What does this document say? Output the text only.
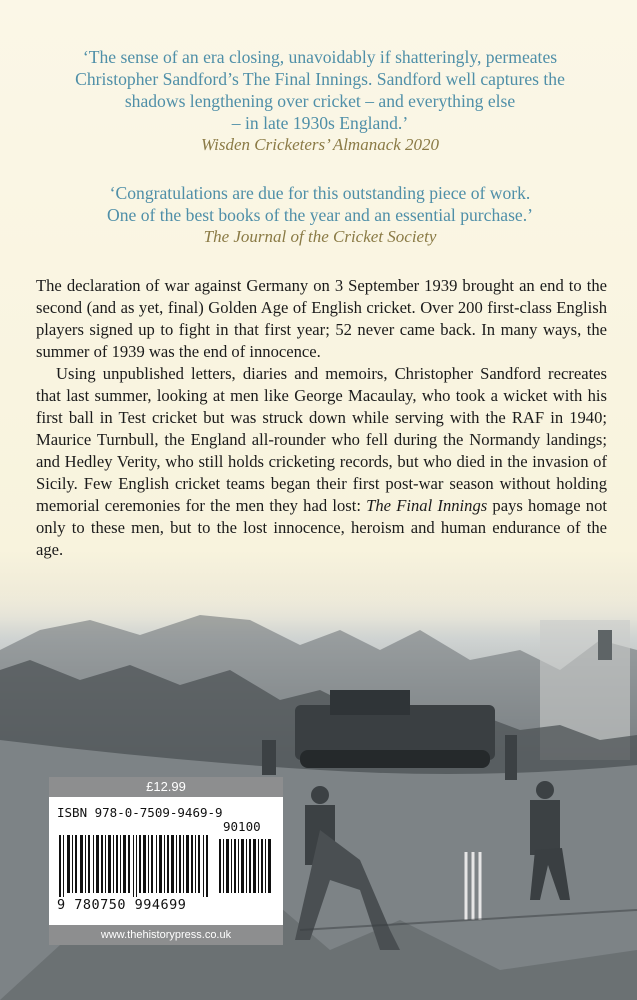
‘The sense of an era closing, unavoidably if shatteringly, permeates
Christopher Sandford’s The Final Innings. Sandford well captures the
shadows lengthening over cricket – and everything else
– in late 1930s England.’
Wisden Cricketers’ Almanack 2020
‘Congratulations are due for this outstanding piece of work.
One of the best books of the year and an essential purchase.’
The Journal of the Cricket Society

The declaration of war against Germany on 3 September 1939 brought an end to the second (and as yet, final) Golden Age of English cricket. Over 200 first-class English players signed up to fight in that first year; 52 never came back. In many ways, the summer of 1939 was the end of innocence.

Using unpublished letters, diaries and memoirs, Christopher Sandford recreates that last summer, looking at men like George Macaulay, who took a wicket with his first ball in Test cricket but was struck down while serving with the RAF in 1940; Maurice Turnbull, the England all-rounder who fell during the Normandy landings; and Hedley Verity, who still holds cricketing records, but who died in the invasion of Sicily. Few English cricket teams began their first post-war season without holding memorial ceremonies for the men they had lost: The Final Innings pays homage not only to these men, but to the lost innocence, heroism and human endurance of the age.

£12.99
ISBN 978-0-7509-9469-9
90100
9 780750 994699
www.thehistorypress.co.uk
